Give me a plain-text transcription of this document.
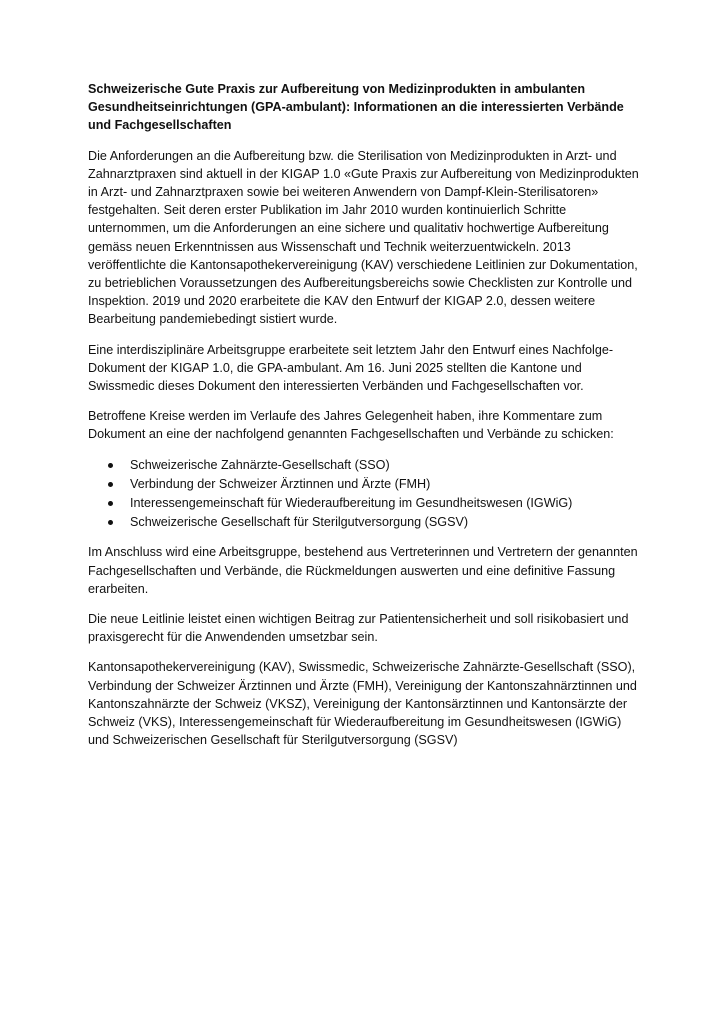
Schweizerische Gute Praxis zur Aufbereitung von Medizinprodukten in ambulanten Gesundheitseinrichtungen (GPA-ambulant): Informationen an die interessierten Verbände und Fachgesellschaften

Die Anforderungen an die Aufbereitung bzw. die Sterilisation von Medizinprodukten in Arzt- und Zahnarztpraxen sind aktuell in der KIGAP 1.0 «Gute Praxis zur Aufbereitung von Medizinprodukten in Arzt- und Zahnarztpraxen sowie bei weiteren Anwendern von Dampf-Klein-Sterilisatoren» festgehalten. Seit deren erster Publikation im Jahr 2010 wurden kontinuierlich Schritte unternommen, um die Anforderungen an eine sichere und qualitativ hochwertige Aufbereitung gemäss neuen Erkenntnissen aus Wissenschaft und Technik weiterzuentwickeln. 2013 veröffentlichte die Kantonsapothekervereinigung (KAV) verschiedene Leitlinien zur Dokumentation, zu betrieblichen Voraussetzungen des Aufbereitungsbereichs sowie Checklisten zur Kontrolle und Inspektion. 2019 und 2020 erarbeitete die KAV den Entwurf der KIGAP 2.0, dessen weitere Bearbeitung pandemiebedingt sistiert wurde.

Eine interdisziplinäre Arbeitsgruppe erarbeitete seit letztem Jahr den Entwurf eines Nachfolge-Dokument der KIGAP 1.0, die GPA-ambulant. Am 16. Juni 2025 stellten die Kantone und Swissmedic dieses Dokument den interessierten Verbänden und Fachgesellschaften vor.

Betroffene Kreise werden im Verlaufe des Jahres Gelegenheit haben, ihre Kommentare zum Dokument an eine der nachfolgend genannten Fachgesellschaften und Verbände zu schicken:

Schweizerische Zahnärzte-Gesellschaft (SSO)
Verbindung der Schweizer Ärztinnen und Ärzte (FMH)
Interessengemeinschaft für Wiederaufbereitung im Gesundheitswesen (IGWiG)
Schweizerische Gesellschaft für Sterilgutversorgung (SGSV)

Im Anschluss wird eine Arbeitsgruppe, bestehend aus Vertreterinnen und Vertretern der genannten Fachgesellschaften und Verbände, die Rückmeldungen auswerten und eine definitive Fassung erarbeiten.

Die neue Leitlinie leistet einen wichtigen Beitrag zur Patientensicherheit und soll risikobasiert und praxisgerecht für die Anwendenden umsetzbar sein.

Kantonsapothekervereinigung (KAV), Swissmedic, Schweizerische Zahnärzte-Gesellschaft (SSO), Verbindung der Schweizer Ärztinnen und Ärzte (FMH), Vereinigung der Kantonszahnärztinnen und Kantonszahnärzte der Schweiz (VKSZ), Vereinigung der Kantonsärztinnen und Kantonsärzte der Schweiz (VKS), Interessengemeinschaft für Wiederaufbereitung im Gesundheitswesen (IGWiG) und Schweizerischen Gesellschaft für Sterilgutversorgung (SGSV)
